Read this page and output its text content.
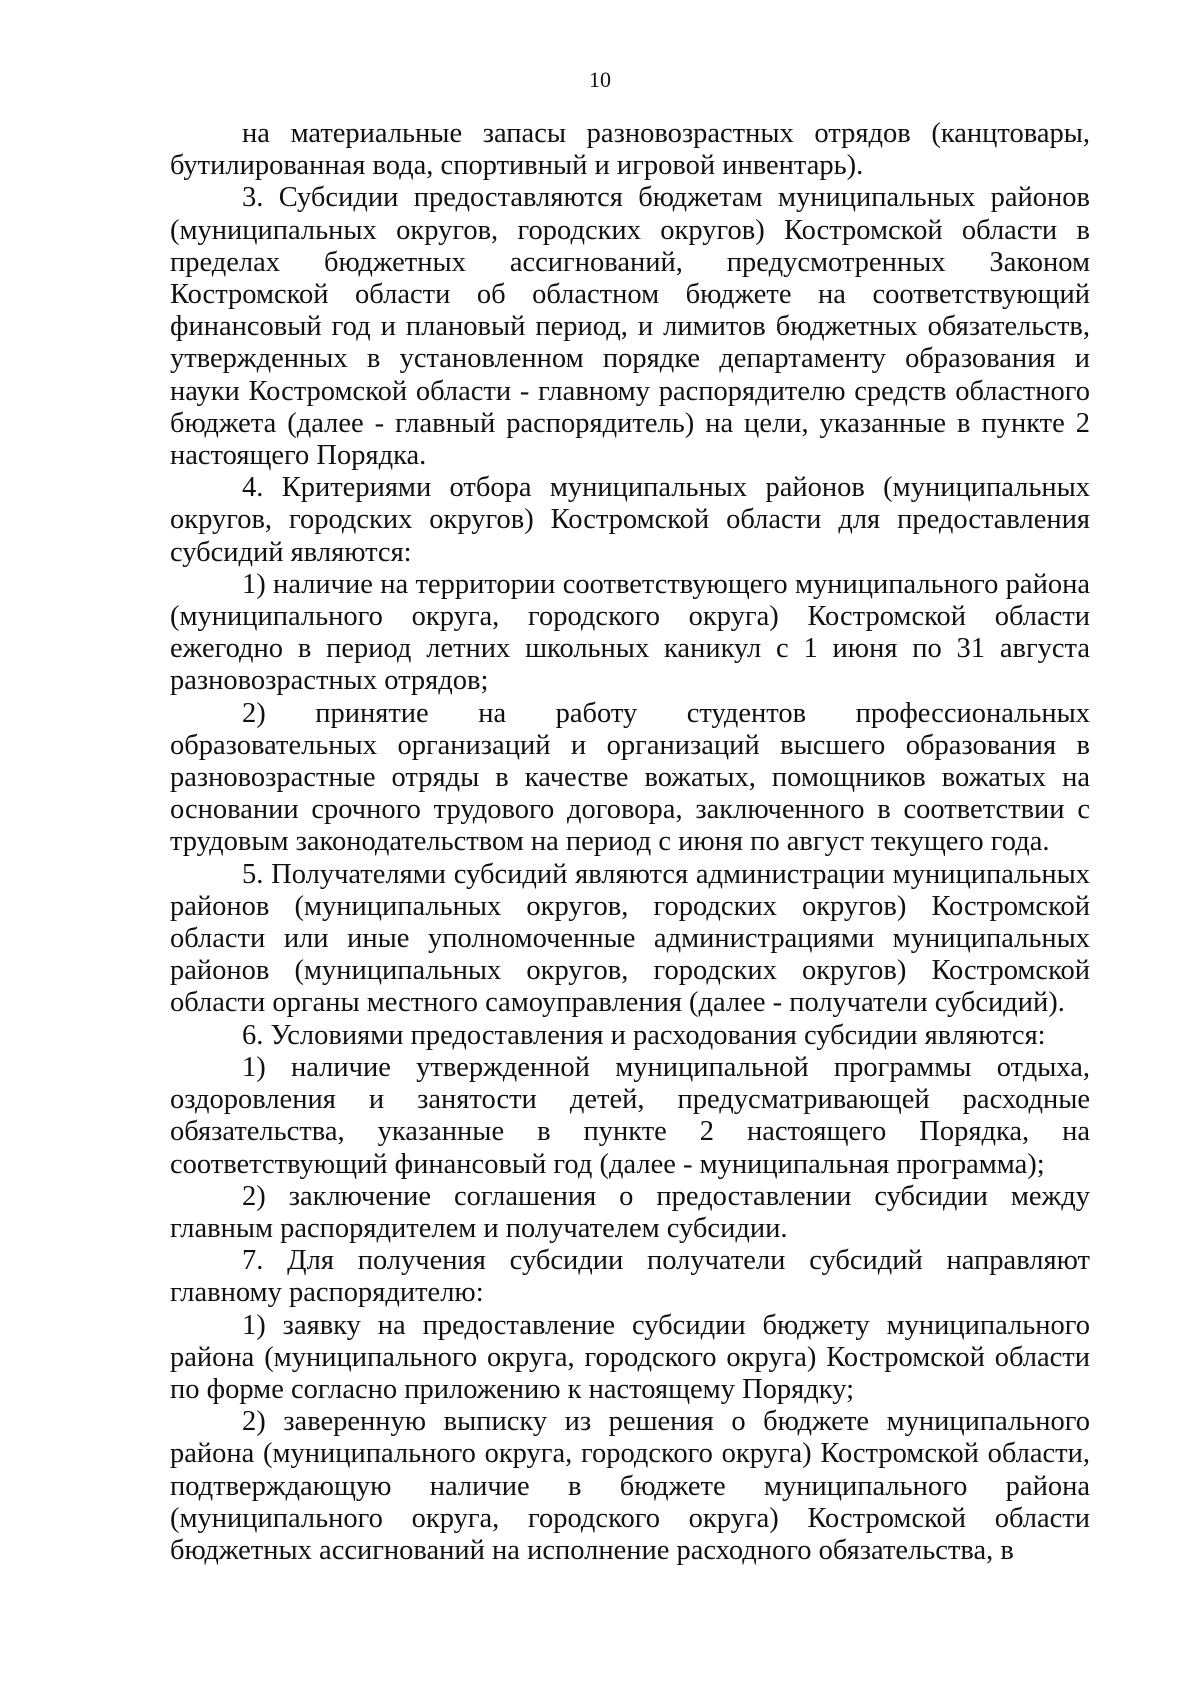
10

на материальные запасы разновозрастных отрядов (канцтовары, бутилированная вода, спортивный и игровой инвентарь).

3. Субсидии предоставляются бюджетам муниципальных районов (муниципальных округов, городских округов) Костромской области в пределах бюджетных ассигнований, предусмотренных Законом Костромской области об областном бюджете на соответствующий финансовый год и плановый период, и лимитов бюджетных обязательств, утвержденных в установленном порядке департаменту образования и науки Костромской области - главному распорядителю средств областного бюджета (далее - главный распорядитель) на цели, указанные в пункте 2 настоящего Порядка.

4. Критериями отбора муниципальных районов (муниципальных округов, городских округов) Костромской области для предоставления субсидий являются:

1) наличие на территории соответствующего муниципального района (муниципального округа, городского округа) Костромской области ежегодно в период летних школьных каникул с 1 июня по 31 августа разновозрастных отрядов;

2) принятие на работу студентов профессиональных образовательных организаций и организаций высшего образования в разновозрастные отряды в качестве вожатых, помощников вожатых на основании срочного трудового договора, заключенного в соответствии с трудовым законодательством на период с июня по август текущего года.

5. Получателями субсидий являются администрации муниципальных районов (муниципальных округов, городских округов) Костромской области или иные уполномоченные администрациями муниципальных районов (муниципальных округов, городских округов) Костромской области органы местного самоуправления (далее - получатели субсидий).

6. Условиями предоставления и расходования субсидии являются:

1) наличие утвержденной муниципальной программы отдыха, оздоровления и занятости детей, предусматривающей расходные обязательства, указанные в пункте 2 настоящего Порядка, на соответствующий финансовый год (далее - муниципальная программа);

2) заключение соглашения о предоставлении субсидии между главным распорядителем и получателем субсидии.

7. Для получения субсидии получатели субсидий направляют главному распорядителю:

1) заявку на предоставление субсидии бюджету муниципального района (муниципального округа, городского округа) Костромской области по форме согласно приложению к настоящему Порядку;

2) заверенную выписку из решения о бюджете муниципального района (муниципального округа, городского округа) Костромской области, подтверждающую наличие в бюджете муниципального района (муниципального округа, городского округа) Костромской области бюджетных ассигнований на исполнение расходного обязательства, в
